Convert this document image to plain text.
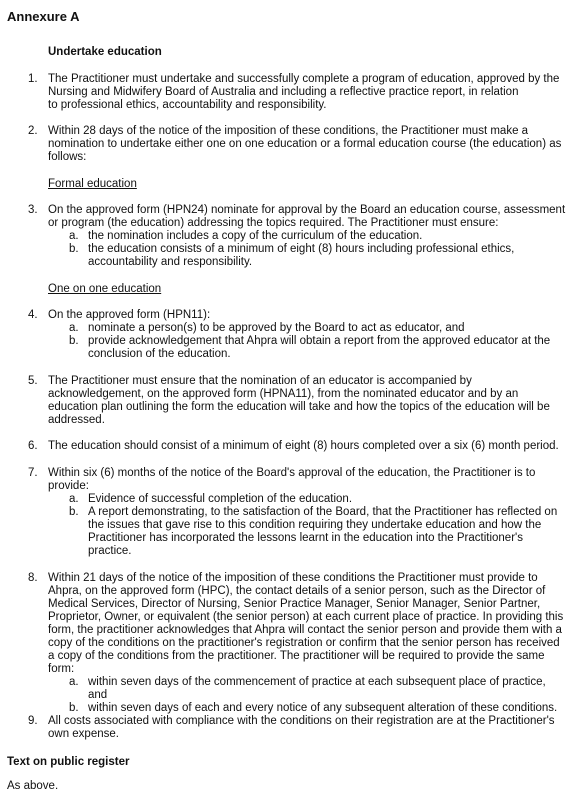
Annexure A
Undertake education
1. The Practitioner must undertake and successfully complete a program of education, approved by the
Nursing and Midwifery Board of Australia and including a reflective practice report, in relation
to professional ethics, accountability and responsibility.
2. Within 28 days of the notice of the imposition of these conditions, the Practitioner must make a
nomination to undertake either one on one education or a formal education course (the education) as
follows:
Formal education
3. On the approved form (HPN24) nominate for approval by the Board an education course, assessment
or program (the education) addressing the topics required. The Practitioner must ensure:
a. the nomination includes a copy of the curriculum of the education.
b. the education consists of a minimum of eight (8) hours including professional ethics,
accountability and responsibility.
One on one education
4. On the approved form (HPN11):
a. nominate a person(s) to be approved by the Board to act as educator, and
b. provide acknowledgement that Ahpra will obtain a report from the approved educator at the
conclusion of the education.
5. The Practitioner must ensure that the nomination of an educator is accompanied by
acknowledgement, on the approved form (HPNA11), from the nominated educator and by an
education plan outlining the form the education will take and how the topics of the education will be
addressed.
6. The education should consist of a minimum of eight (8) hours completed over a six (6) month period.
7. Within six (6) months of the notice of the Board's approval of the education, the Practitioner is to
provide:
a. Evidence of successful completion of the education.
b. A report demonstrating, to the satisfaction of the Board, that the Practitioner has reflected on
the issues that gave rise to this condition requiring they undertake education and how the
Practitioner has incorporated the lessons learnt in the education into the Practitioner's
practice.
8. Within 21 days of the notice of the imposition of these conditions the Practitioner must provide to
Ahpra, on the approved form (HPC), the contact details of a senior person, such as the Director of
Medical Services, Director of Nursing, Senior Practice Manager, Senior Manager, Senior Partner,
Proprietor, Owner, or equivalent (the senior person) at each current place of practice. In providing this
form, the practitioner acknowledges that Ahpra will contact the senior person and provide them with a
copy of the conditions on the practitioner's registration or confirm that the senior person has received
a copy of the conditions from the practitioner. The practitioner will be required to provide the same
form:
a. within seven days of the commencement of practice at each subsequent place of practice,
and
b. within seven days of each and every notice of any subsequent alteration of these conditions.
9. All costs associated with compliance with the conditions on their registration are at the Practitioner's
own expense.
Text on public register
As above.
